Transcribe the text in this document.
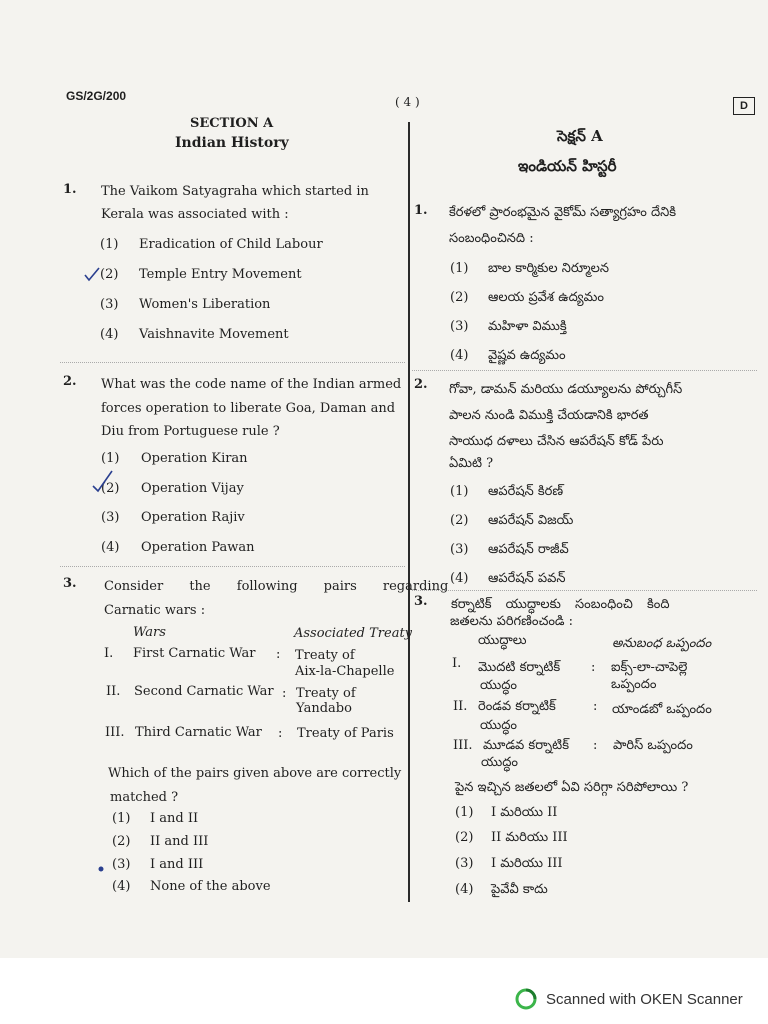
GS/2G/200	( 4 )	D
SECTION A
Indian History	సెక్షన్ A
ఇండియన్ హిస్టరీ
1. The Vaikom Satyagraha which started in
Kerala was associated with :
(1) Eradication of Child Labour
(2) Temple Entry Movement
(3) Women's Liberation
(4) Vaishnavite Movement
1. కేరళలో ప్రారంభమైన వైకోమ్ సత్యాగ్రహం దేనికి
సంబంధించినది :
(1) బాల కార్మికుల నిర్మూలన
(2) ఆలయ ప్రవేశ ఉద్యమం
(3) మహిళా విముక్తి
(4) వైష్ణవ ఉద్యమం
2. What was the code name of the Indian armed
forces operation to liberate Goa, Daman and
Diu from Portuguese rule ?
(1) Operation Kiran
(2) Operation Vijay
(3) Operation Rajiv
(4) Operation Pawan
2. గోవా, డామన్ మరియు డయ్యూలను పోర్చుగీస్
పాలన నుండి విముక్తి చేయడానికి భారత
సాయుధ దళాలు చేసిన ఆపరేషన్ కోడ్ పేరు
ఏమిటి ?
(1) ఆపరేషన్ కిరణ్
(2) ఆపరేషన్ విజయ్
(3) ఆపరేషన్ రాజీవ్
(4) ఆపరేషన్ పవన్
3. Consider the following pairs regarding
Carnatic wars :
Wars	Associated Treaty
I. First Carnatic War : Treaty of
Aix-la-Chapelle
II. Second Carnatic War : Treaty of
Yandabo
III. Third Carnatic War : Treaty of Paris
Which of the pairs given above are correctly
matched ?
(1) I and II
(2) II and III
(3) I and III
(4) None of the above
3. కర్నాటిక్ యుద్ధాలకు సంబంధించి కింది
జతలను పరిగణించండి :
యుద్ధాలు	అనుబంధ ఒప్పందం
I. మొదటి కర్నాటిక్
యుద్ధం
: ఐక్స్-లా-చాపెల్లె
ఒప్పందం
II. రెండవ కర్నాటిక్
యుద్ధం
: యాండబో ఒప్పందం
III. మూడవ కర్నాటిక్
యుద్ధం
: పారిస్ ఒప్పందం
పైన ఇచ్చిన జతలలో ఏవి సరిగ్గా సరిపోలాయి ?
(1) I మరియు II
(2) II మరియు III
(3) I మరియు III
(4) పైవేవీ కాదు
Scanned with OKEN Scanner
